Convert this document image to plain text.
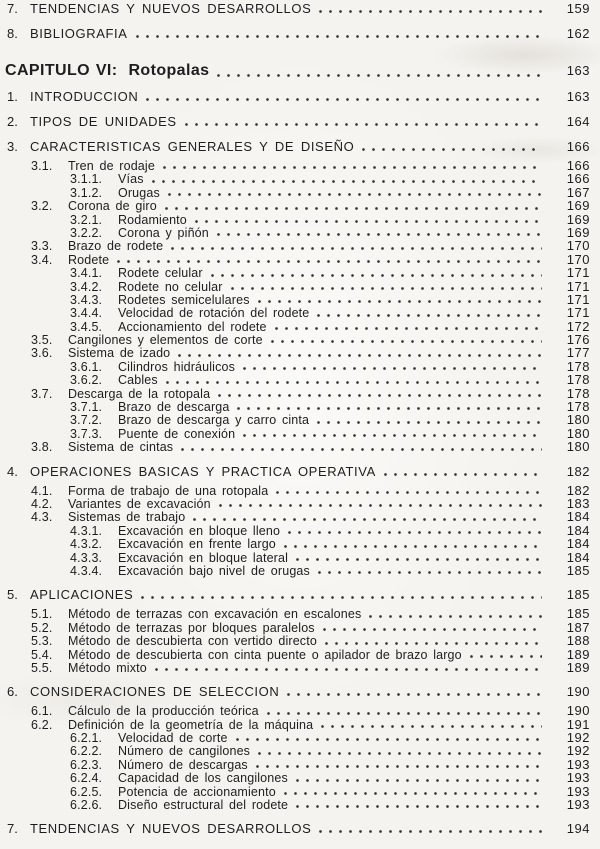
7. TENDENCIAS Y NUEVOS DESARROLLOS	159
8. BIBLIOGRAFIA	162
CAPITULO VI: Rotopalas	163
1. INTRODUCCION	163
2. TIPOS DE UNIDADES	164
3. CARACTERISTICAS GENERALES Y DE DISEÑO	166
3.1.	Tren de rodaje	166
3.1.1.	Vías	166
3.1.2.	Orugas	167
3.2.	Corona de giro	169
3.2.1.	Rodamiento	169
3.2.2.	Corona y piñón	169
3.3.	Brazo de rodete	170
3.4.	Rodete	170
3.4.1.	Rodete celular	171
3.4.2.	Rodete no celular	171
3.4.3.	Rodetes semicelulares	171
3.4.4.	Velocidad de rotación del rodete	171
3.4.5.	Accionamiento del rodete	172
3.5.	Cangilones y elementos de corte	176
3.6.	Sistema de izado	177
3.6.1.	Cilindros hidráulicos	178
3.6.2.	Cables	178
3.7.	Descarga de la rotopala	178
3.7.1.	Brazo de descarga	178
3.7.2.	Brazo de descarga y carro cinta	180
3.7.3.	Puente de conexión	180
3.8.	Sistema de cintas	180
4. OPERACIONES BASICAS Y PRACTICA OPERATIVA	182
4.1.	Forma de trabajo de una rotopala	182
4.2.	Variantes de excavación	183
4.3.	Sistemas de trabajo	184
4.3.1.	Excavación en bloque lleno	184
4.3.2.	Excavación en frente largo	184
4.3.3.	Excavación en bloque lateral	184
4.3.4.	Excavación bajo nivel de orugas	185
5. APLICACIONES	185
5.1.	Método de terrazas con excavación en escalones	185
5.2.	Método de terrazas por bloques paralelos	187
5.3.	Método de descubierta con vertido directo	188
5.4.	Método de descubierta con cinta puente o apilador de brazo largo	189
5.5.	Método mixto	189
6. CONSIDERACIONES DE SELECCION	190
6.1.	Cálculo de la producción teórica	190
6.2.	Definición de la geometría de la máquina	191
6.2.1.	Velocidad de corte	192
6.2.2.	Número de cangilones	192
6.2.3.	Número de descargas	193
6.2.4.	Capacidad de los cangilones	193
6.2.5.	Potencia de accionamiento	193
6.2.6.	Diseño estructural del rodete	193
7. TENDENCIAS Y NUEVOS DESARROLLOS	194
